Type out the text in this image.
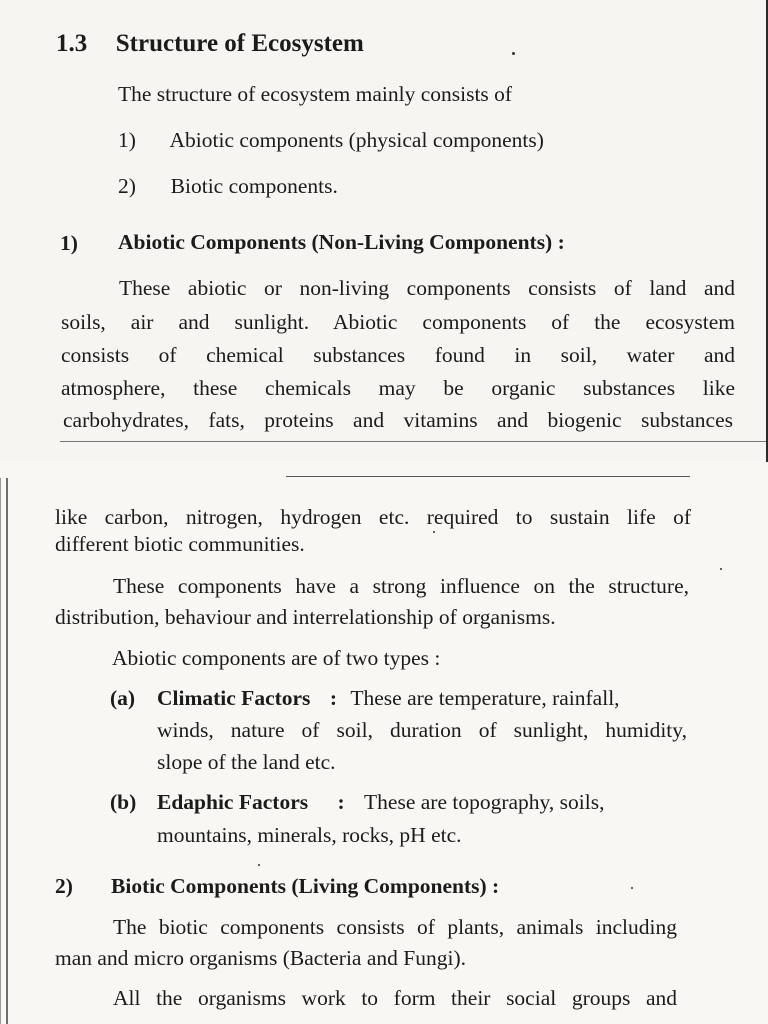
1.3 Structure of Ecosystem
The structure of ecosystem mainly consists of
1) Abiotic components (physical components)
2) Biotic components.
1) Abiotic Components (Non-Living Components) :
These abiotic or non-living components consists of land and
soils, air and sunlight. Abiotic components of the ecosystem
consists of chemical substances found in soil, water and
atmosphere, these chemicals may be organic substances like
carbohydrates, fats, proteins and vitamins and biogenic substances
like carbon, nitrogen, hydrogen etc. required to sustain life of
different biotic communities.
These components have a strong influence on the structure,
distribution, behaviour and interrelationship of organisms.
Abiotic components are of two types :
(a) Climatic Factors : These are temperature, rainfall,
winds, nature of soil, duration of sunlight, humidity,
slope of the land etc.
(b) Edaphic Factors : These are topography, soils,
mountains, minerals, rocks, pH etc.
2) Biotic Components (Living Components) :
The biotic components consists of plants, animals including
man and micro organisms (Bacteria and Fungi).
All the organisms work to form their social groups and
